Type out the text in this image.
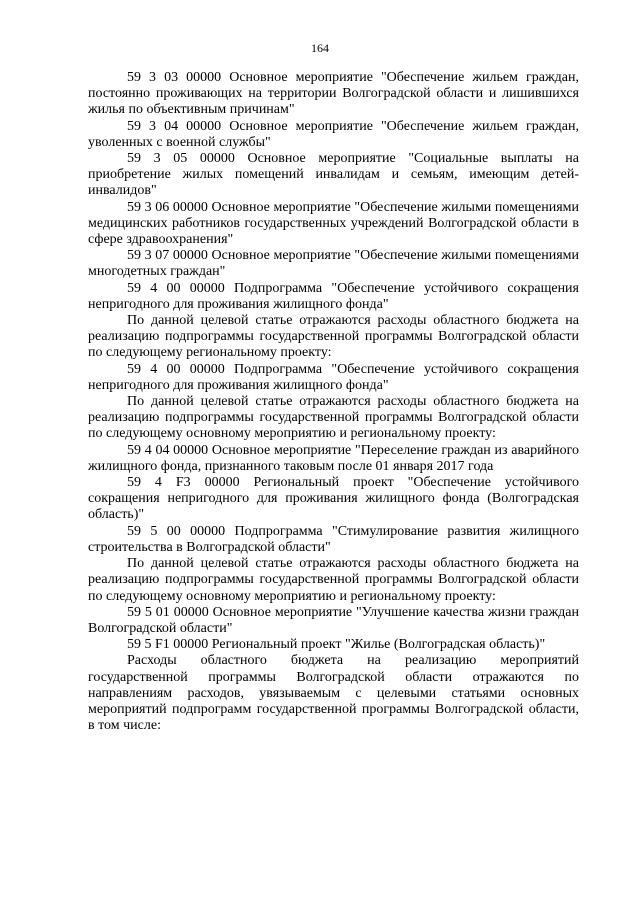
164

59 3 03 00000 Основное мероприятие "Обеспечение жильем граждан, постоянно проживающих на территории Волгоградской области и лишившихся жилья по объективным причинам"

59 3 04 00000 Основное мероприятие "Обеспечение жильем граждан, уволенных с военной службы"

59 3 05 00000 Основное мероприятие "Социальные выплаты на приобретение жилых помещений инвалидам и семьям, имеющим детей-инвалидов"

59 3 06 00000 Основное мероприятие "Обеспечение жилыми помещениями медицинских работников государственных учреждений Волгоградской области в сфере здравоохранения"

59 3 07 00000 Основное мероприятие "Обеспечение жилыми помещениями многодетных граждан"

59 4 00 00000 Подпрограмма "Обеспечение устойчивого сокращения непригодного для проживания жилищного фонда"

По данной целевой статье отражаются расходы областного бюджета на реализацию подпрограммы государственной программы Волгоградской области по следующему региональному проекту:

59 4 00 00000 Подпрограмма "Обеспечение устойчивого сокращения непригодного для проживания жилищного фонда"

По данной целевой статье отражаются расходы областного бюджета на реализацию подпрограммы государственной программы Волгоградской области по следующему основному мероприятию и региональному проекту:

59 4 04 00000 Основное мероприятие "Переселение граждан из аварийного жилищного фонда, признанного таковым после 01 января 2017 года

59 4 F3 00000 Региональный проект "Обеспечение устойчивого сокращения непригодного для проживания жилищного фонда (Волгоградская область)"

59 5 00 00000 Подпрограмма "Стимулирование развития жилищного строительства в Волгоградской области"

По данной целевой статье отражаются расходы областного бюджета на реализацию подпрограммы государственной программы Волгоградской области по следующему основному мероприятию и региональному проекту:

59 5 01 00000 Основное мероприятие "Улучшение качества жизни граждан Волгоградской области"

59 5 F1 00000 Региональный проект "Жилье (Волгоградская область)"

Расходы областного бюджета на реализацию мероприятий государственной программы Волгоградской области отражаются по направлениям расходов, увязываемым с целевыми статьями основных мероприятий подпрограмм государственной программы Волгоградской области, в том числе:
